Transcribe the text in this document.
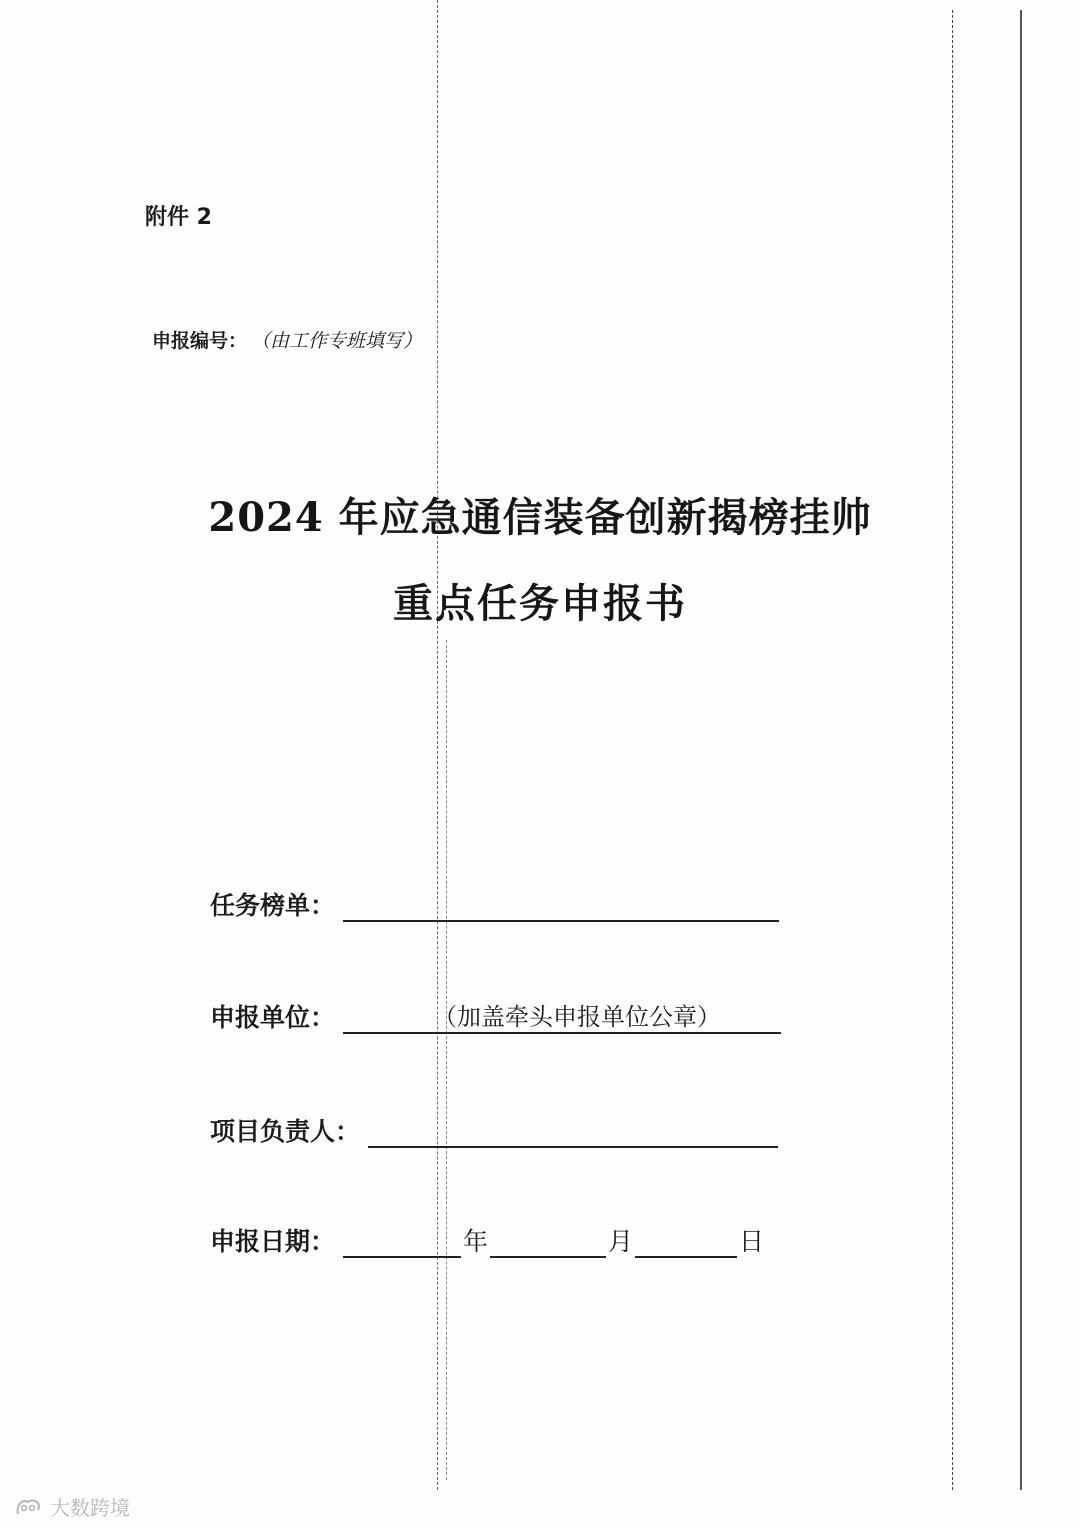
附件 2
申报编号： （由工作专班填写）
2024 年应急通信装备创新揭榜挂帅
重点任务申报书
任务榜单：
申报单位：	（加盖牵头申报单位公章）
项目负责人：
申报日期：	年	月	日
大数跨境
